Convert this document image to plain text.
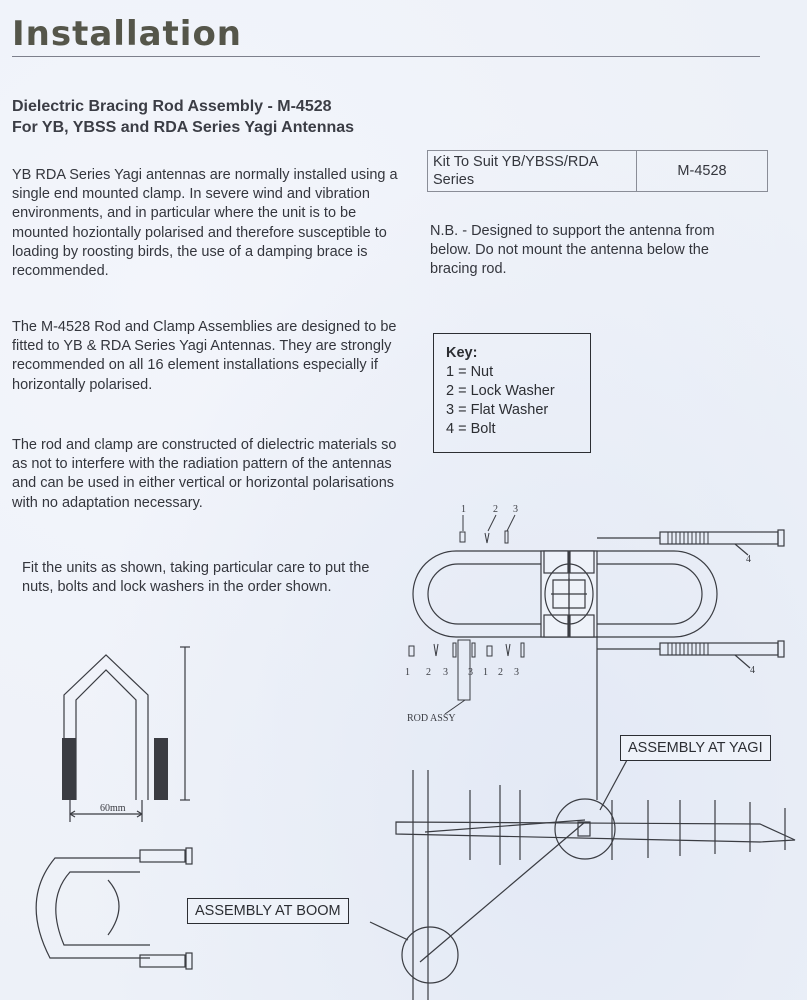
Installation
Dielectric Bracing Rod Assembly - M-4528
For YB, YBSS and RDA Series Yagi Antennas

YB RDA Series Yagi antennas are normally installed using a single end mounted clamp. In severe wind and vibration environments, and in particular where the unit is to be mounted hoziontally polarised and therefore susceptible to loading by roosting birds, the use of a damping brace is recommended.

The M-4528 Rod and Clamp Assemblies are designed to be fitted to YB & RDA Series Yagi Antennas. They are strongly recommended on all 16 element installations especially if horizontally polarised.

The rod and clamp are constructed of dielectric materials so as not to interfere with the radiation pattern of the antennas and can be used in either vertical or horizontal polarisations with no adaptation necessary.

Fit the units as shown, taking particular care to put the nuts, bolts and lock washers in the order shown.

Kit To Suit YB/YBSS/RDA Series	M-4528

N.B. - Designed to support the antenna from below. Do not mount the antenna below the bracing rod.

Key:
1 = Nut
2 = Lock Washer
3 = Flat Washer
4 = Bolt
1	2 3
1 2 3 3 1 2 3
4
4
ROD ASSY
60mm
ASSEMBLY AT YAGI
ASSEMBLY AT BOOM
